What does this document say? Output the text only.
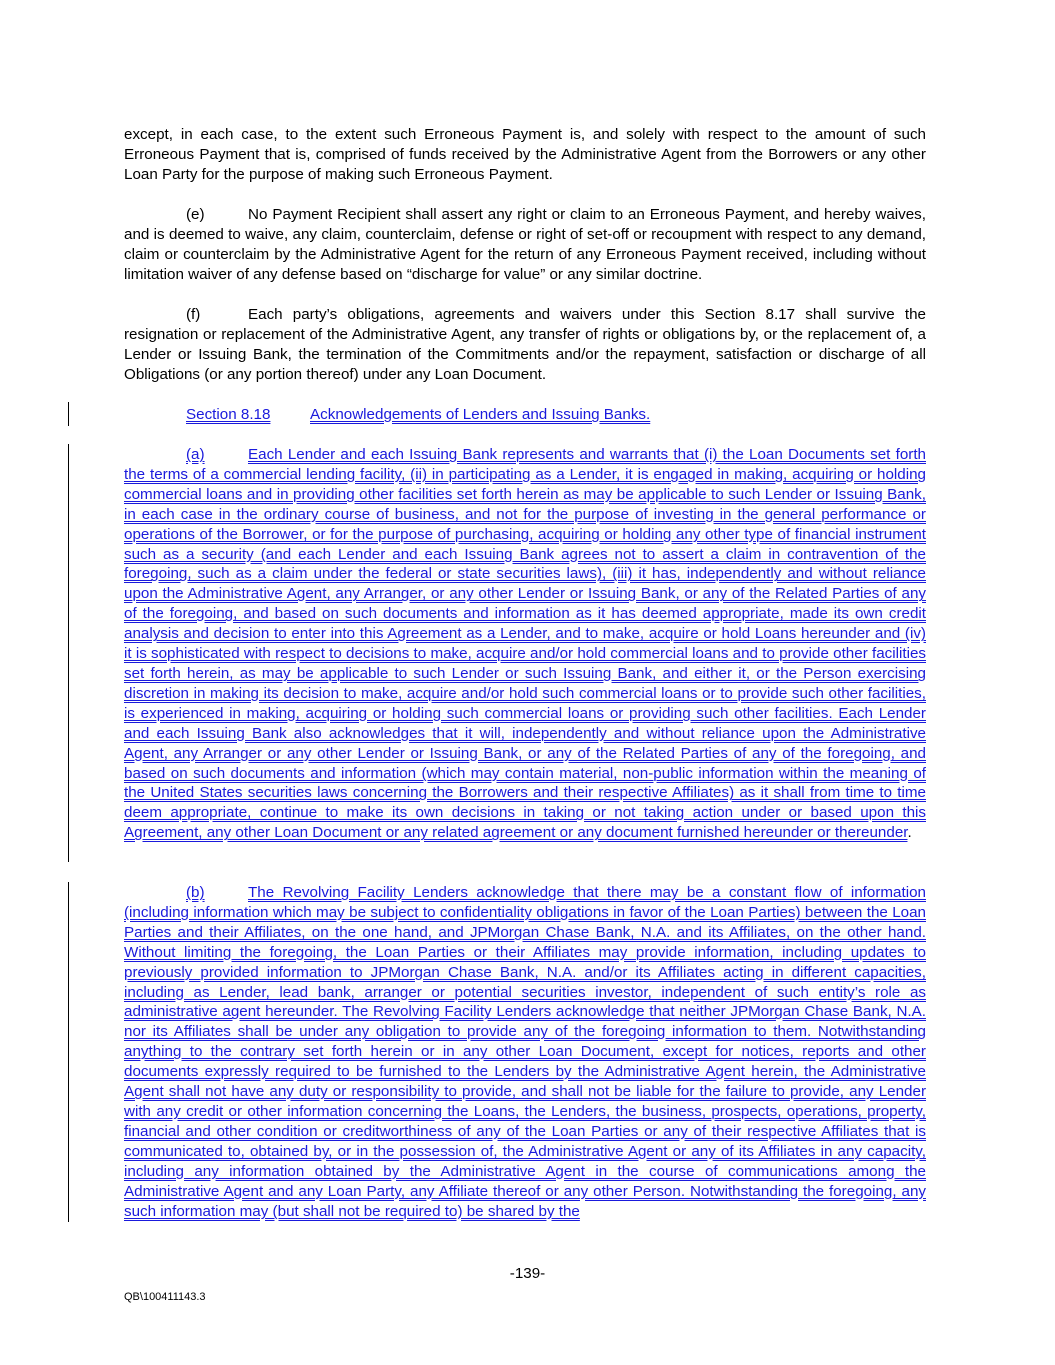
except, in each case, to the extent such Erroneous Payment is, and solely with respect to the amount of such Erroneous Payment that is, comprised of funds received by the Administrative Agent from the Borrowers or any other Loan Party for the purpose of making such Erroneous Payment.

(e)	No Payment Recipient shall assert any right or claim to an Erroneous Payment, and hereby waives, and is deemed to waive, any claim, counterclaim, defense or right of set-off or recoupment with respect to any demand, claim or counterclaim by the Administrative Agent for the return of any Erroneous Payment received, including without limitation waiver of any defense based on “discharge for value” or any similar doctrine.

(f)	Each party’s obligations, agreements and waivers under this Section 8.17 shall survive the resignation or replacement of the Administrative Agent, any transfer of rights or obligations by, or the replacement of, a Lender or Issuing Bank, the termination of the Commitments and/or the repayment, satisfaction or discharge of all Obligations (or any portion thereof) under any Loan Document.

Section 8.18	Acknowledgements of Lenders and Issuing Banks.

(a)	Each Lender and each Issuing Bank represents and warrants that (i) the Loan Documents set forth the terms of a commercial lending facility, (ii) in participating as a Lender, it is engaged in making, acquiring or holding commercial loans and in providing other facilities set forth herein as may be applicable to such Lender or Issuing Bank, in each case in the ordinary course of business, and not for the purpose of investing in the general performance or operations of the Borrower, or for the purpose of purchasing, acquiring or holding any other type of financial instrument such as a security (and each Lender and each Issuing Bank agrees not to assert a claim in contravention of the foregoing, such as a claim under the federal or state securities laws), (iii) it has, independently and without reliance upon the Administrative Agent, any Arranger, or any other Lender or Issuing Bank, or any of the Related Parties of any of the foregoing, and based on such documents and information as it has deemed appropriate, made its own credit analysis and decision to enter into this Agreement as a Lender, and to make, acquire or hold Loans hereunder and (iv) it is sophisticated with respect to decisions to make, acquire and/or hold commercial loans and to provide other facilities set forth herein, as may be applicable to such Lender or such Issuing Bank, and either it, or the Person exercising discretion in making its decision to make, acquire and/or hold such commercial loans or to provide such other facilities, is experienced in making, acquiring or holding such commercial loans or providing such other facilities. Each Lender and each Issuing Bank also acknowledges that it will, independently and without reliance upon the Administrative Agent, any Arranger or any other Lender or Issuing Bank, or any of the Related Parties of any of the foregoing, and based on such documents and information (which may contain material, non-public information within the meaning of the United States securities laws concerning the Borrowers and their respective Affiliates) as it shall from time to time deem appropriate, continue to make its own decisions in taking or not taking action under or based upon this Agreement, any other Loan Document or any related agreement or any document furnished hereunder or thereunder.

(b)	The Revolving Facility Lenders acknowledge that there may be a constant flow of information (including information which may be subject to confidentiality obligations in favor of the Loan Parties) between the Loan Parties and their Affiliates, on the one hand, and JPMorgan Chase Bank, N.A. and its Affiliates, on the other hand. Without limiting the foregoing, the Loan Parties or their Affiliates may provide information, including updates to previously provided information to JPMorgan Chase Bank, N.A. and/or its Affiliates acting in different capacities, including as Lender, lead bank, arranger or potential securities investor, independent of such entity’s role as administrative agent hereunder. The Revolving Facility Lenders acknowledge that neither JPMorgan Chase Bank, N.A. nor its Affiliates shall be under any obligation to provide any of the foregoing information to them. Notwithstanding anything to the contrary set forth herein or in any other Loan Document, except for notices, reports and other documents expressly required to be furnished to the Lenders by the Administrative Agent herein, the Administrative Agent shall not have any duty or responsibility to provide, and shall not be liable for the failure to provide, any Lender with any credit or other information concerning the Loans, the Lenders, the business, prospects, operations, property, financial and other condition or creditworthiness of any of the Loan Parties or any of their respective Affiliates that is communicated to, obtained by, or in the possession of, the Administrative Agent or any of its Affiliates in any capacity, including any information obtained by the Administrative Agent in the course of communications among the Administrative Agent and any Loan Party, any Affiliate thereof or any other Person. Notwithstanding the foregoing, any such information may (but shall not be required to) be shared by the

-139-
QB\100411143.3
